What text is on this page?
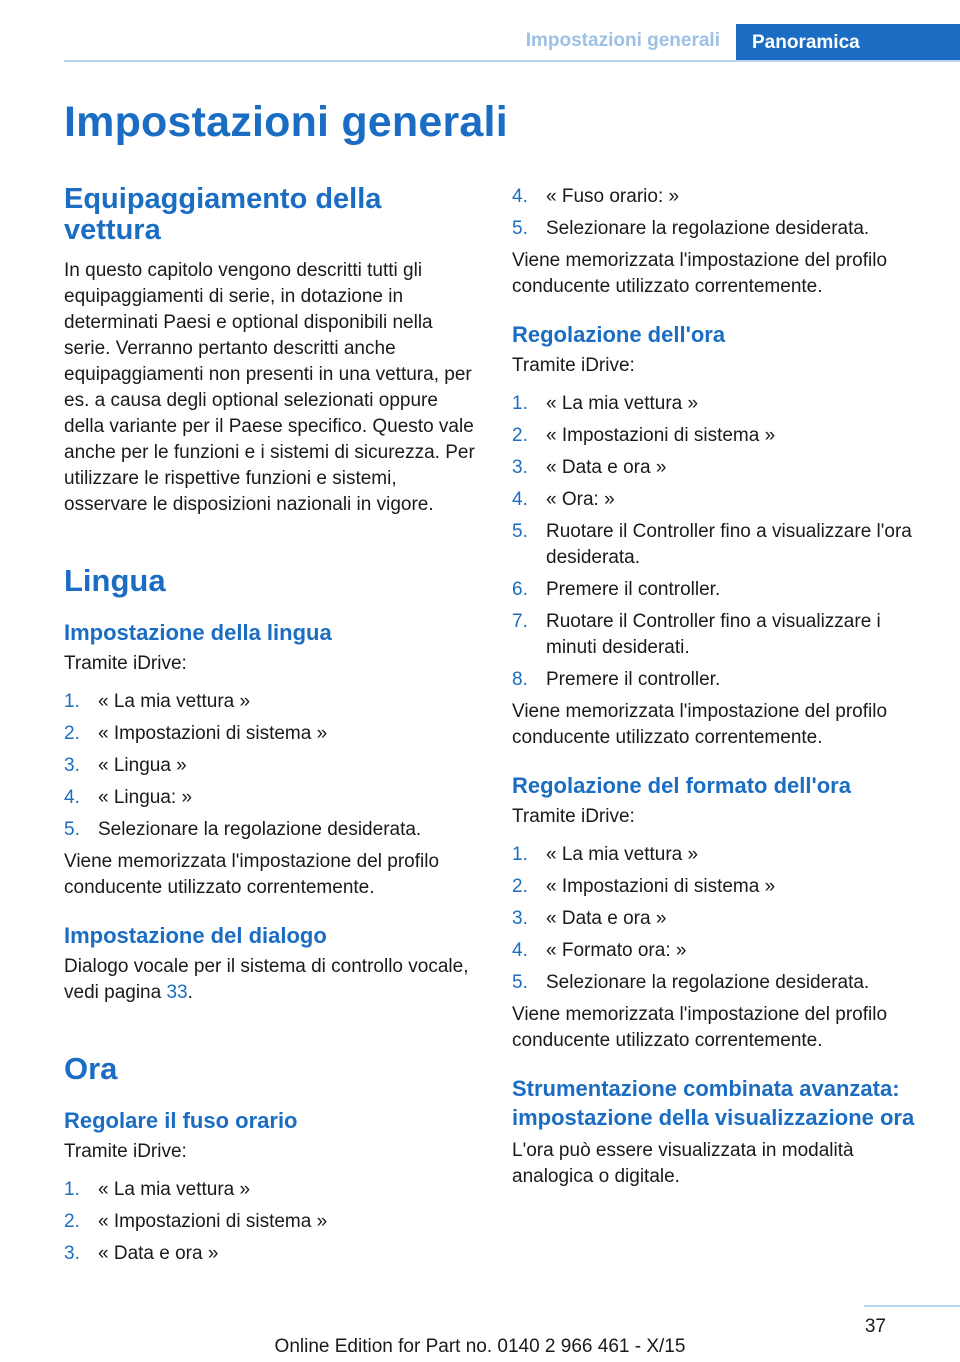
Impostazioni generali	Panoramica
Impostazioni generali
Equipaggiamento della vettura

In questo capitolo vengono descritti tutti gli equipaggiamenti di serie, in dotazione in determinati Paesi e optional disponibili nella serie. Verranno pertanto descritti anche equipaggiamenti non presenti in una vettura, per es. a causa degli optional selezionati oppure della variante per il Paese specifico. Questo vale anche per le funzioni e i sistemi di sicurezza. Per utilizzare le rispettive funzioni e sistemi, osservare le disposizioni nazionali in vigore.

Lingua
Impostazione della lingua

Tramite iDrive:

1. « La mia vettura »
2. « Impostazioni di sistema »
3. « Lingua »
4. « Lingua: »
5. Selezionare la regolazione desiderata.

Viene memorizzata l'impostazione del profilo conducente utilizzato correntemente.

Impostazione del dialogo

Dialogo vocale per il sistema di controllo vocale, vedi pagina 33.

Ora
Regolare il fuso orario

Tramite iDrive:

1. « La mia vettura »
2. « Impostazioni di sistema »
3. « Data e ora »
4. « Fuso orario: »
5. Selezionare la regolazione desiderata.

Viene memorizzata l'impostazione del profilo conducente utilizzato correntemente.

Regolazione dell'ora

Tramite iDrive:

1. « La mia vettura »
2. « Impostazioni di sistema »
3. « Data e ora »
4. « Ora: »
5. Ruotare il Controller fino a visualizzare l'ora desiderata.
6. Premere il controller.
7. Ruotare il Controller fino a visualizzare i minuti desiderati.
8. Premere il controller.

Viene memorizzata l'impostazione del profilo conducente utilizzato correntemente.

Regolazione del formato dell'ora

Tramite iDrive:

1. « La mia vettura »
2. « Impostazioni di sistema »
3. « Data e ora »
4. « Formato ora: »
5. Selezionare la regolazione desiderata.

Viene memorizzata l'impostazione del profilo conducente utilizzato correntemente.

Strumentazione combinata avanzata: impostazione della visualizzazione ora

L'ora può essere visualizzata in modalità analogica o digitale.

37
Online Edition for Part no. 0140 2 966 461 - X/15
